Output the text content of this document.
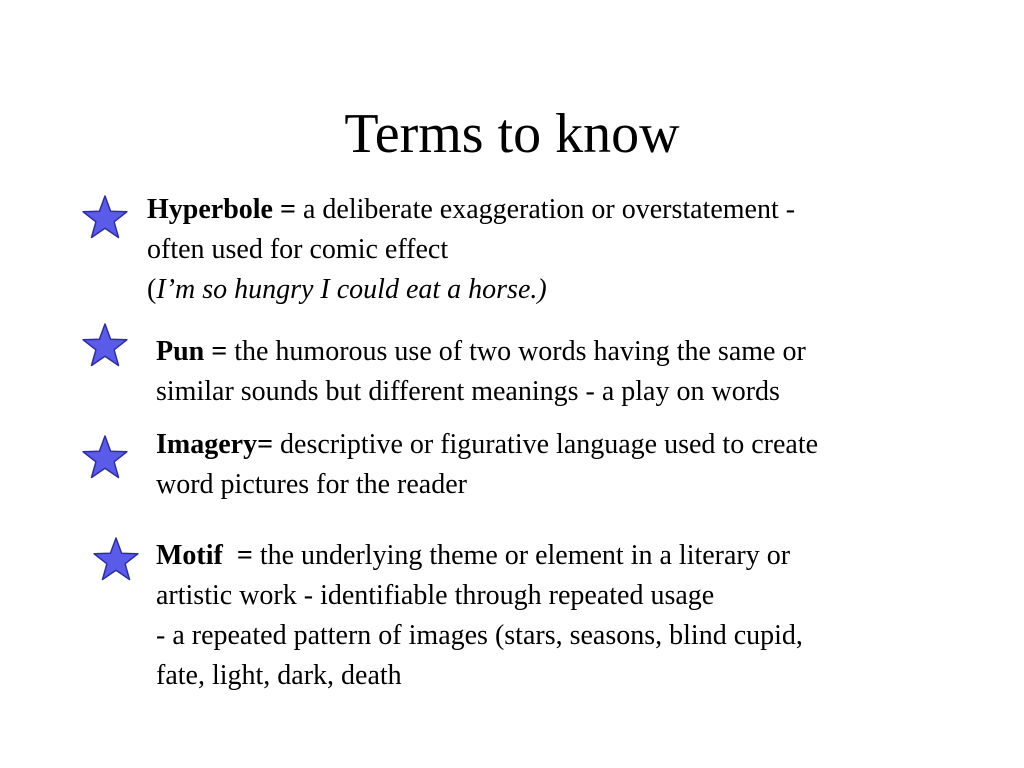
Terms to know
Hyperbole = a deliberate exaggeration or overstatement -
often used for comic effect
(I’m so hungry I could eat a horse.)
Pun = the humorous use of two words having the same or
similar sounds but different meanings - a play on words
Imagery= descriptive or figurative language used to create
word pictures for the reader
Motif  = the underlying theme or element in a literary or
artistic work - identifiable through repeated usage
- a repeated pattern of images (stars, seasons, blind cupid,
fate, light, dark, death
